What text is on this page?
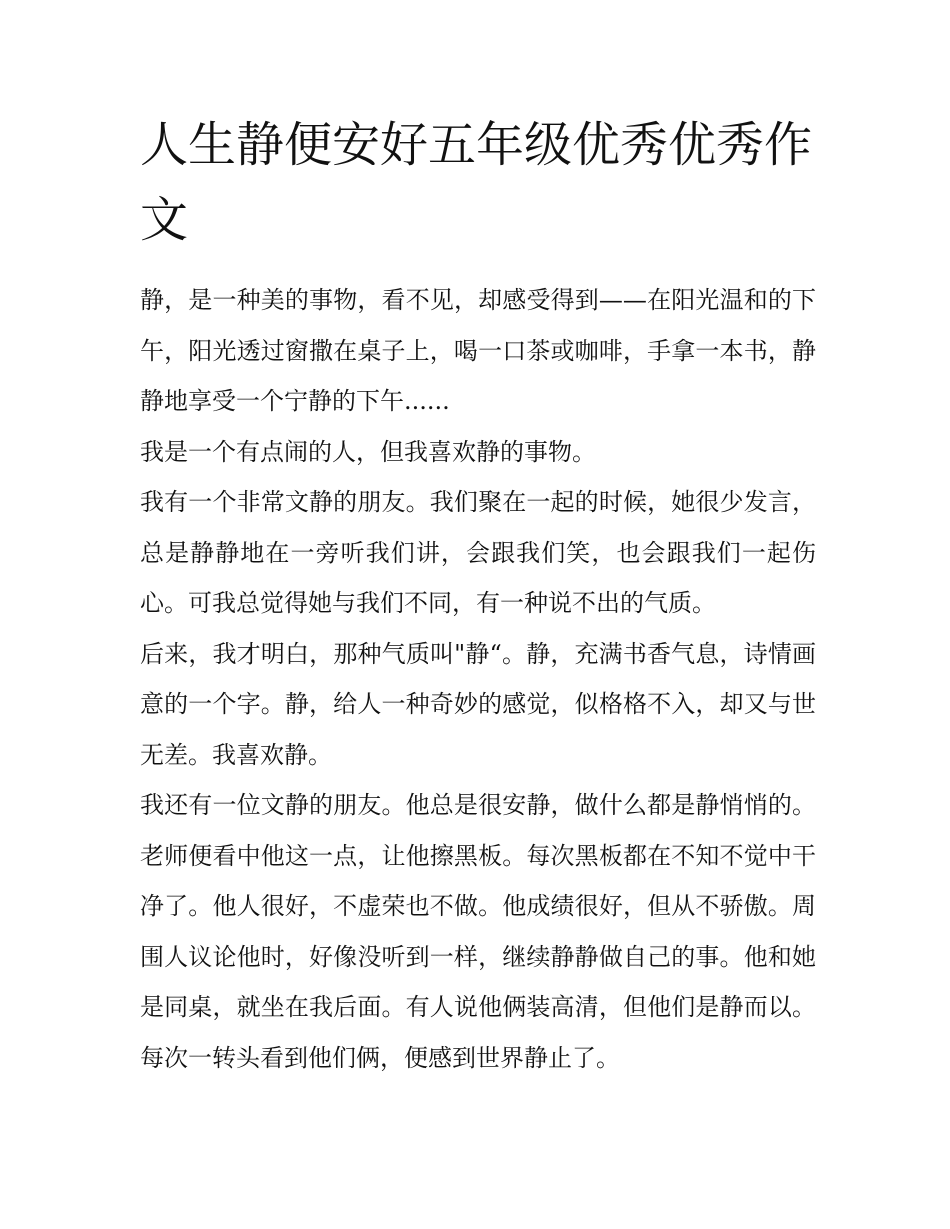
人生静便安好五年级优秀优秀作文

静，是一种美的事物，看不见，却感受得到——在阳光温和的下午，阳光透过窗撒在桌子上，喝一口茶或咖啡，手拿一本书，静静地享受一个宁静的下午......

我是一个有点闹的人，但我喜欢静的事物。

我有一个非常文静的朋友。我们聚在一起的时候，她很少发言，总是静静地在一旁听我们讲，会跟我们笑，也会跟我们一起伤心。可我总觉得她与我们不同，有一种说不出的气质。

后来，我才明白，那种气质叫"静“。静，充满书香气息，诗情画意的一个字。静，给人一种奇妙的感觉，似格格不入，却又与世无差。我喜欢静。

我还有一位文静的朋友。他总是很安静，做什么都是静悄悄的。老师便看中他这一点，让他擦黑板。每次黑板都在不知不觉中干净了。他人很好，不虚荣也不做。他成绩很好，但从不骄傲。周围人议论他时，好像没听到一样，继续静静做自己的事。他和她是同桌，就坐在我后面。有人说他俩装高清，但他们是静而以。每次一转头看到他们俩，便感到世界静止了。
